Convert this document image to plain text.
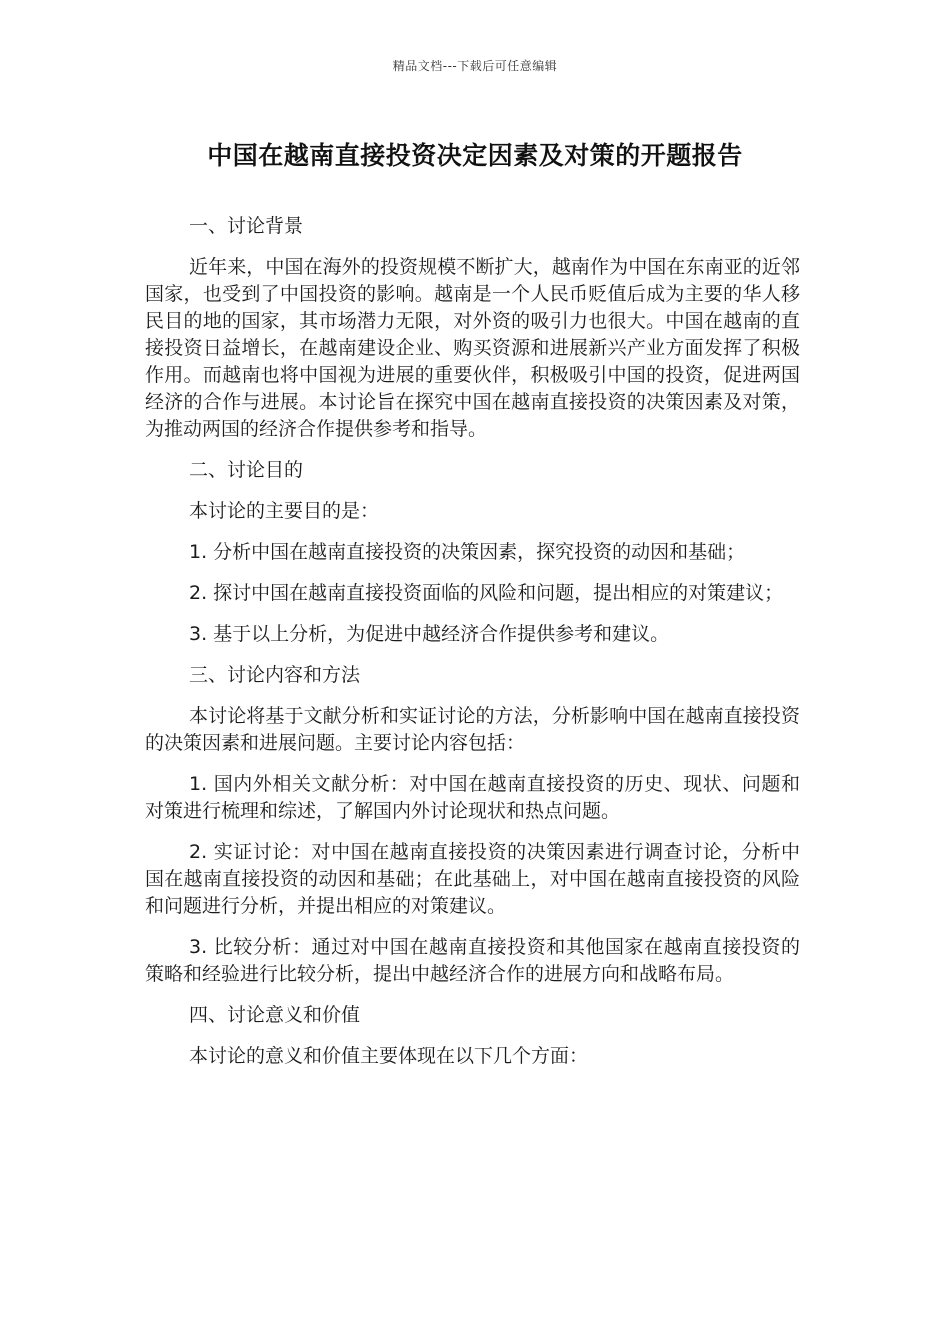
精品文档---下载后可任意编辑
中国在越南直接投资决定因素及对策的开题报告

一、讨论背景

近年来，中国在海外的投资规模不断扩大，越南作为中国在东南亚的近邻国家，也受到了中国投资的影响。越南是一个人民币贬值后成为主要的华人移民目的地的国家，其市场潜力无限，对外资的吸引力也很大。中国在越南的直接投资日益增长，在越南建设企业、购买资源和进展新兴产业方面发挥了积极作用。而越南也将中国视为进展的重要伙伴，积极吸引中国的投资，促进两国经济的合作与进展。本讨论旨在探究中国在越南直接投资的决策因素及对策，为推动两国的经济合作提供参考和指导。

二、讨论目的

本讨论的主要目的是：

1. 分析中国在越南直接投资的决策因素，探究投资的动因和基础；

2. 探讨中国在越南直接投资面临的风险和问题，提出相应的对策建议；

3. 基于以上分析，为促进中越经济合作提供参考和建议。

三、讨论内容和方法

本讨论将基于文献分析和实证讨论的方法，分析影响中国在越南直接投资的决策因素和进展问题。主要讨论内容包括：

1. 国内外相关文献分析：对中国在越南直接投资的历史、现状、问题和对策进行梳理和综述，了解国内外讨论现状和热点问题。

2. 实证讨论：对中国在越南直接投资的决策因素进行调查讨论，分析中国在越南直接投资的动因和基础；在此基础上，对中国在越南直接投资的风险和问题进行分析，并提出相应的对策建议。

3. 比较分析：通过对中国在越南直接投资和其他国家在越南直接投资的策略和经验进行比较分析，提出中越经济合作的进展方向和战略布局。

四、讨论意义和价值

本讨论的意义和价值主要体现在以下几个方面：
